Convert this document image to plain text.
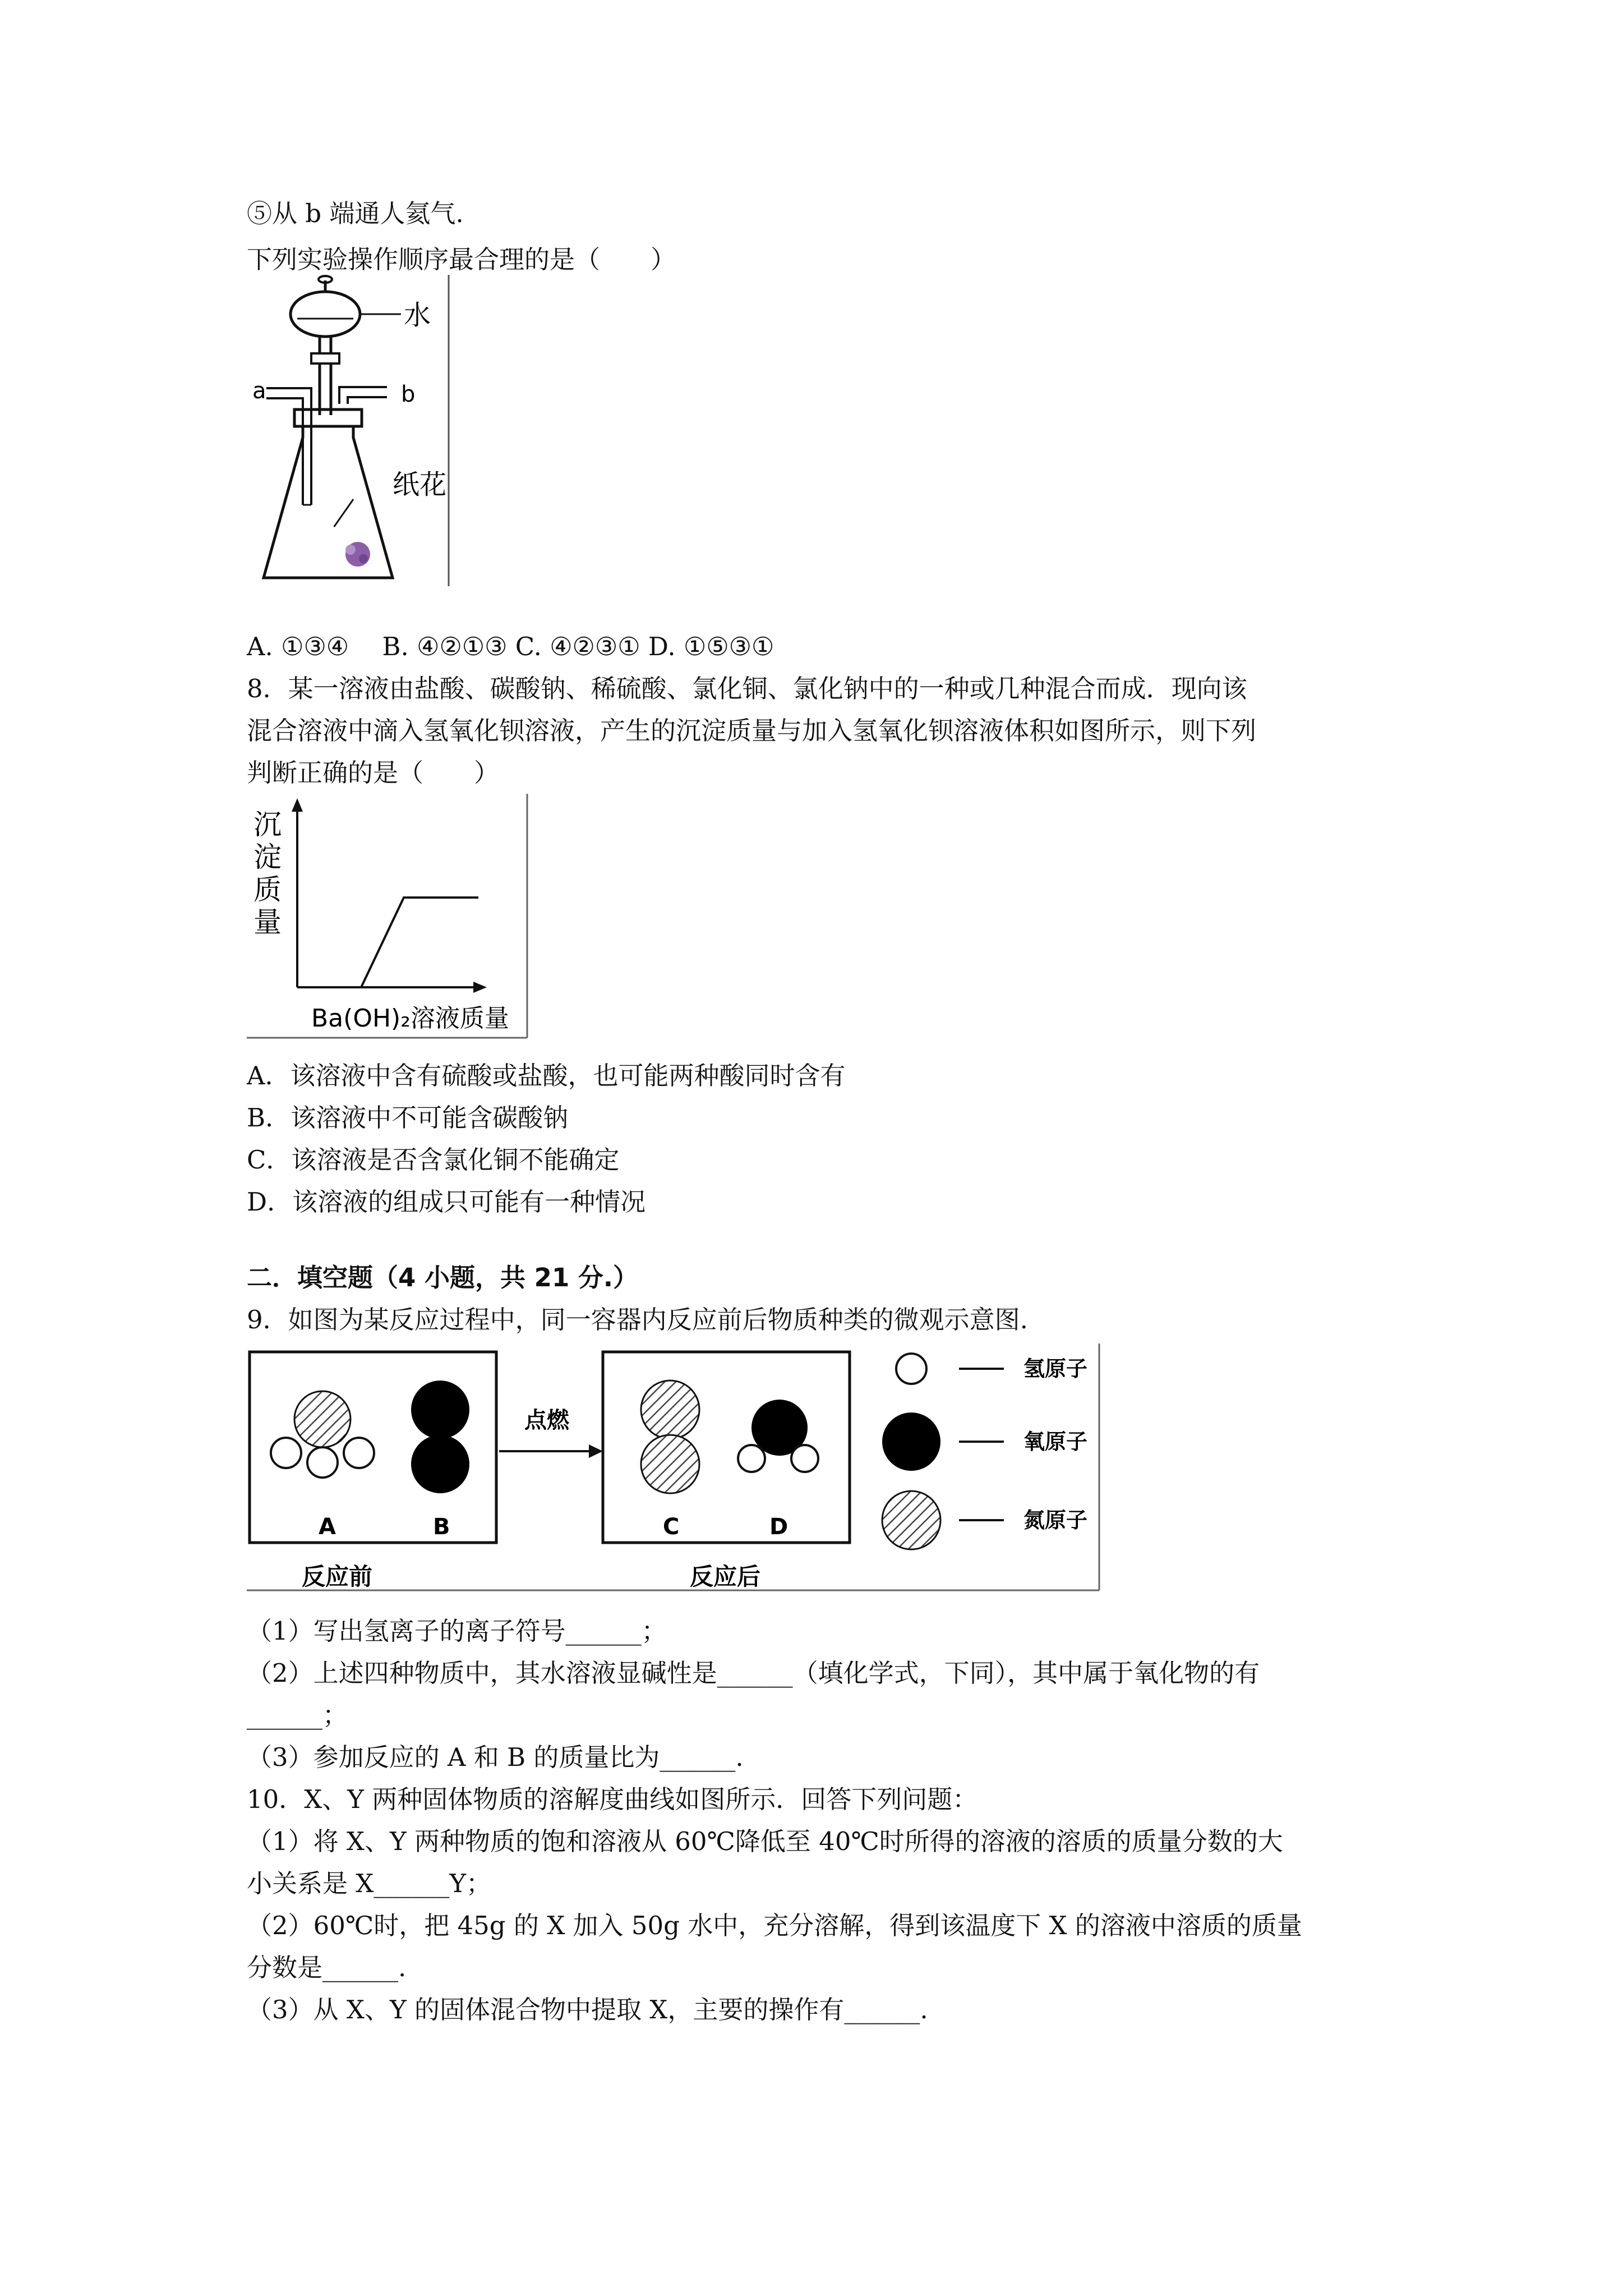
⑤从 b 端通人氦气.
下列实验操作顺序最合理的是（　　）
水
a	b
纸花
A. ①③④　 B. ④②①③ C. ④②③① D. ①⑤③①
8．某一溶液由盐酸、碳酸钠、稀硫酸、氯化铜、氯化钠中的一种或几种混合而成．现向该
混合溶液中滴入氢氧化钡溶液，产生的沉淀质量与加入氢氧化钡溶液体积如图所示，则下列
判断正确的是（　　）
沉
淀
质
量
Ba(OH)₂溶液质量
A．该溶液中含有硫酸或盐酸，也可能两种酸同时含有
B．该溶液中不可能含碳酸钠
C．该溶液是否含氯化铜不能确定
D．该溶液的组成只可能有一种情况
二．填空题（4 小题，共 21 分.）
9．如图为某反应过程中，同一容器内反应前后物质种类的微观示意图.
A	B
反应前
点燃
C	D
反应后
氢原子
氧原子
氮原子
（1）写出氢离子的离子符号______；
（2）上述四种物质中，其水溶液显碱性是______（填化学式，下同），其中属于氧化物的有
______；
（3）参加反应的 A 和 B 的质量比为______.
10．X、Y 两种固体物质的溶解度曲线如图所示．回答下列问题：
（1）将 X、Y 两种物质的饱和溶液从 60℃降低至 40℃时所得的溶液的溶质的质量分数的大
小关系是 X______Y；
（2）60℃时，把 45g 的 X 加入 50g 水中，充分溶解，得到该温度下 X 的溶液中溶质的质量
分数是______.
（3）从 X、Y 的固体混合物中提取 X，主要的操作有______.
